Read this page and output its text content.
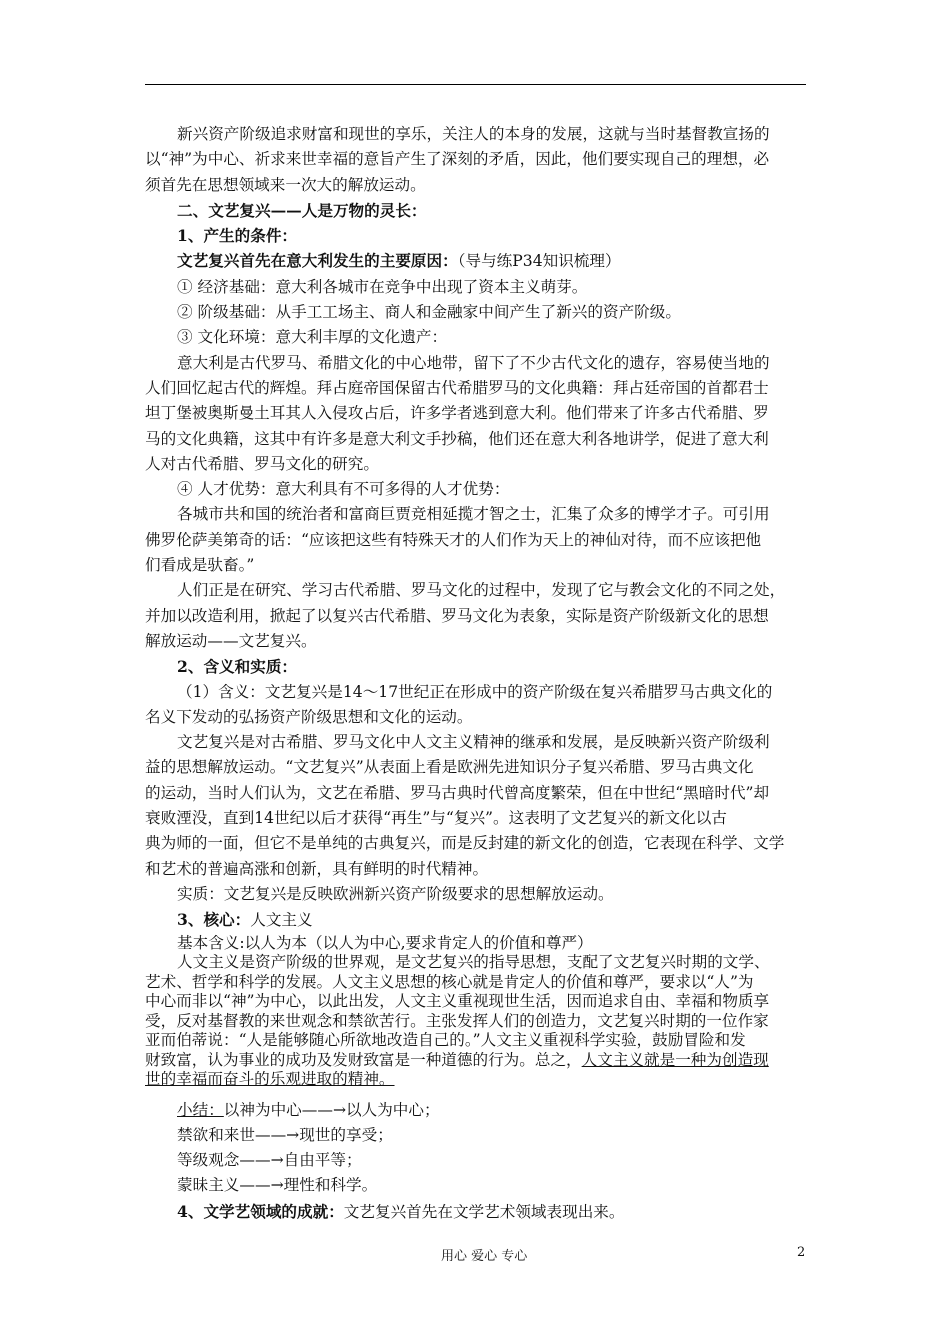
新兴资产阶级追求财富和现世的享乐，关注人的本身的发展，这就与当时基督教宣扬的

以“神”为中心、祈求来世幸福的意旨产生了深刻的矛盾，因此，他们要实现自己的理想，必

须首先在思想领域来一次大的解放运动。

二、文艺复兴——人是万物的灵长：

1、产生的条件：

文艺复兴首先在意大利发生的主要原因：（导与练P34知识梳理）

① 经济基础：意大利各城市在竞争中出现了资本主义萌芽。

② 阶级基础：从手工工场主、商人和金融家中间产生了新兴的资产阶级。

③ 文化环境：意大利丰厚的文化遗产：

意大利是古代罗马、希腊文化的中心地带，留下了不少古代文化的遗存，容易使当地的

人们回忆起古代的辉煌。拜占庭帝国保留古代希腊罗马的文化典籍：拜占廷帝国的首都君士

坦丁堡被奥斯曼土耳其人入侵攻占后，许多学者逃到意大利。他们带来了许多古代希腊、罗

马的文化典籍，这其中有许多是意大利文手抄稿，他们还在意大利各地讲学，促进了意大利

人对古代希腊、罗马文化的研究。

④ 人才优势：意大利具有不可多得的人才优势：

各城市共和国的统治者和富商巨贾竞相延揽才智之士，汇集了众多的博学才子。可引用

佛罗伦萨美第奇的话：“应该把这些有特殊天才的人们作为天上的神仙对待，而不应该把他

们看成是驮畜。”

人们正是在研究、学习古代希腊、罗马文化的过程中，发现了它与教会文化的不同之处，

并加以改造利用，掀起了以复兴古代希腊、罗马文化为表象，实际是资产阶级新文化的思想

解放运动——文艺复兴。

2、含义和实质：

（1）含义：文艺复兴是14～17世纪正在形成中的资产阶级在复兴希腊罗马古典文化的

名义下发动的弘扬资产阶级思想和文化的运动。

文艺复兴是对古希腊、罗马文化中人文主义精神的继承和发展，是反映新兴资产阶级利

益的思想解放运动。“文艺复兴”从表面上看是欧洲先进知识分子复兴希腊、罗马古典文化

的运动，当时人们认为，文艺在希腊、罗马古典时代曾高度繁荣，但在中世纪“黑暗时代”却

衰败湮没，直到14世纪以后才获得“再生”与“复兴”。这表明了文艺复兴的新文化以古

典为师的一面，但它不是单纯的古典复兴，而是反封建的新文化的创造，它表现在科学、文学

和艺术的普遍高涨和创新，具有鲜明的时代精神。

实质：文艺复兴是反映欧洲新兴资产阶级要求的思想解放运动。

3、核心：人文主义

基本含义:以人为本（以人为中心,要求肯定人的价值和尊严）

人文主义是资产阶级的世界观，是文艺复兴的指导思想，支配了文艺复兴时期的文学、

艺术、哲学和科学的发展。人文主义思想的核心就是肯定人的价值和尊严，要求以“人”为

中心而非以“神”为中心，以此出发，人文主义重视现世生活，因而追求自由、幸福和物质享

受，反对基督教的来世观念和禁欲苦行。主张发挥人们的创造力，文艺复兴时期的一位作家

亚而伯蒂说：“人是能够随心所欲地改造自己的。”人文主义重视科学实验，鼓励冒险和发

财致富，认为事业的成功及发财致富是一种道德的行为。总之，人文主义就是一种为创造现

世的幸福而奋斗的乐观进取的精神。

小结：以神为中心——→以人为中心；

禁欲和来世——→现世的享受；

等级观念——→自由平等；

蒙昧主义——→理性和科学。

4、文学艺领域的成就：文艺复兴首先在文学艺术领域表现出来。

用心 爱心 专心	2
